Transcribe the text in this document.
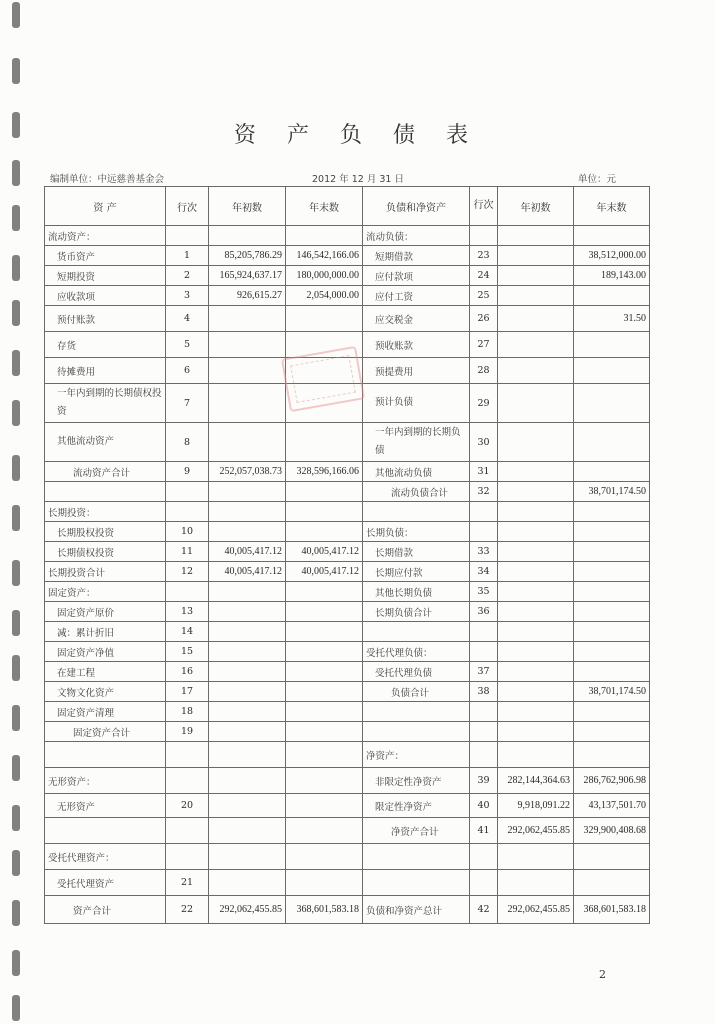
资 产 负 债 表
编制单位：中远慈善基金会	2012 年 12 月 31 日	单位：元
资 产	行次	年初数	年末数	负债和净资产	行次	年初数	年末数
流动资产：				流动负债：			
货币资产	1	85,205,786.29	146,542,166.06	短期借款	23		38,512,000.00
短期投资	2	165,924,637.17	180,000,000.00	应付款项	24		189,143.00
应收款项	3	926,615.27	2,054,000.00	应付工资	25		
预付账款	4			应交税金	26		31.50
存货	5			预收账款	27		
待摊费用	6			预提费用	28		
一年内到期的长期债权投资	7			预计负债	29		
其他流动资产	8			一年内到期的长期负债	30		
流动资产合计	9	252,057,038.73	328,596,166.06	其他流动负债	31		
				流动负债合计	32		38,701,174.50
长期投资：							
长期股权投资	10			长期负债：			
长期债权投资	11	40,005,417.12	40,005,417.12	长期借款	33		
长期投资合计	12	40,005,417.12	40,005,417.12	长期应付款	34		
固定资产：				其他长期负债	35		
固定资产原价	13			长期负债合计	36		
减：累计折旧	14						
固定资产净值	15			受托代理负债：			
在建工程	16			受托代理负债	37		
文物文化资产	17			负债合计	38		38,701,174.50
固定资产清理	18						
固定资产合计	19						
				净资产：			
无形资产：				非限定性净资产	39	282,144,364.63	286,762,906.98
无形资产	20			限定性净资产	40	9,918,091.22	43,137,501.70
				净资产合计	41	292,062,455.85	329,900,408.68
受托代理资产：							
受托代理资产	21						
资产合计	22	292,062,455.85	368,601,583.18	负债和净资产总计	42	292,062,455.85	368,601,583.18
2
